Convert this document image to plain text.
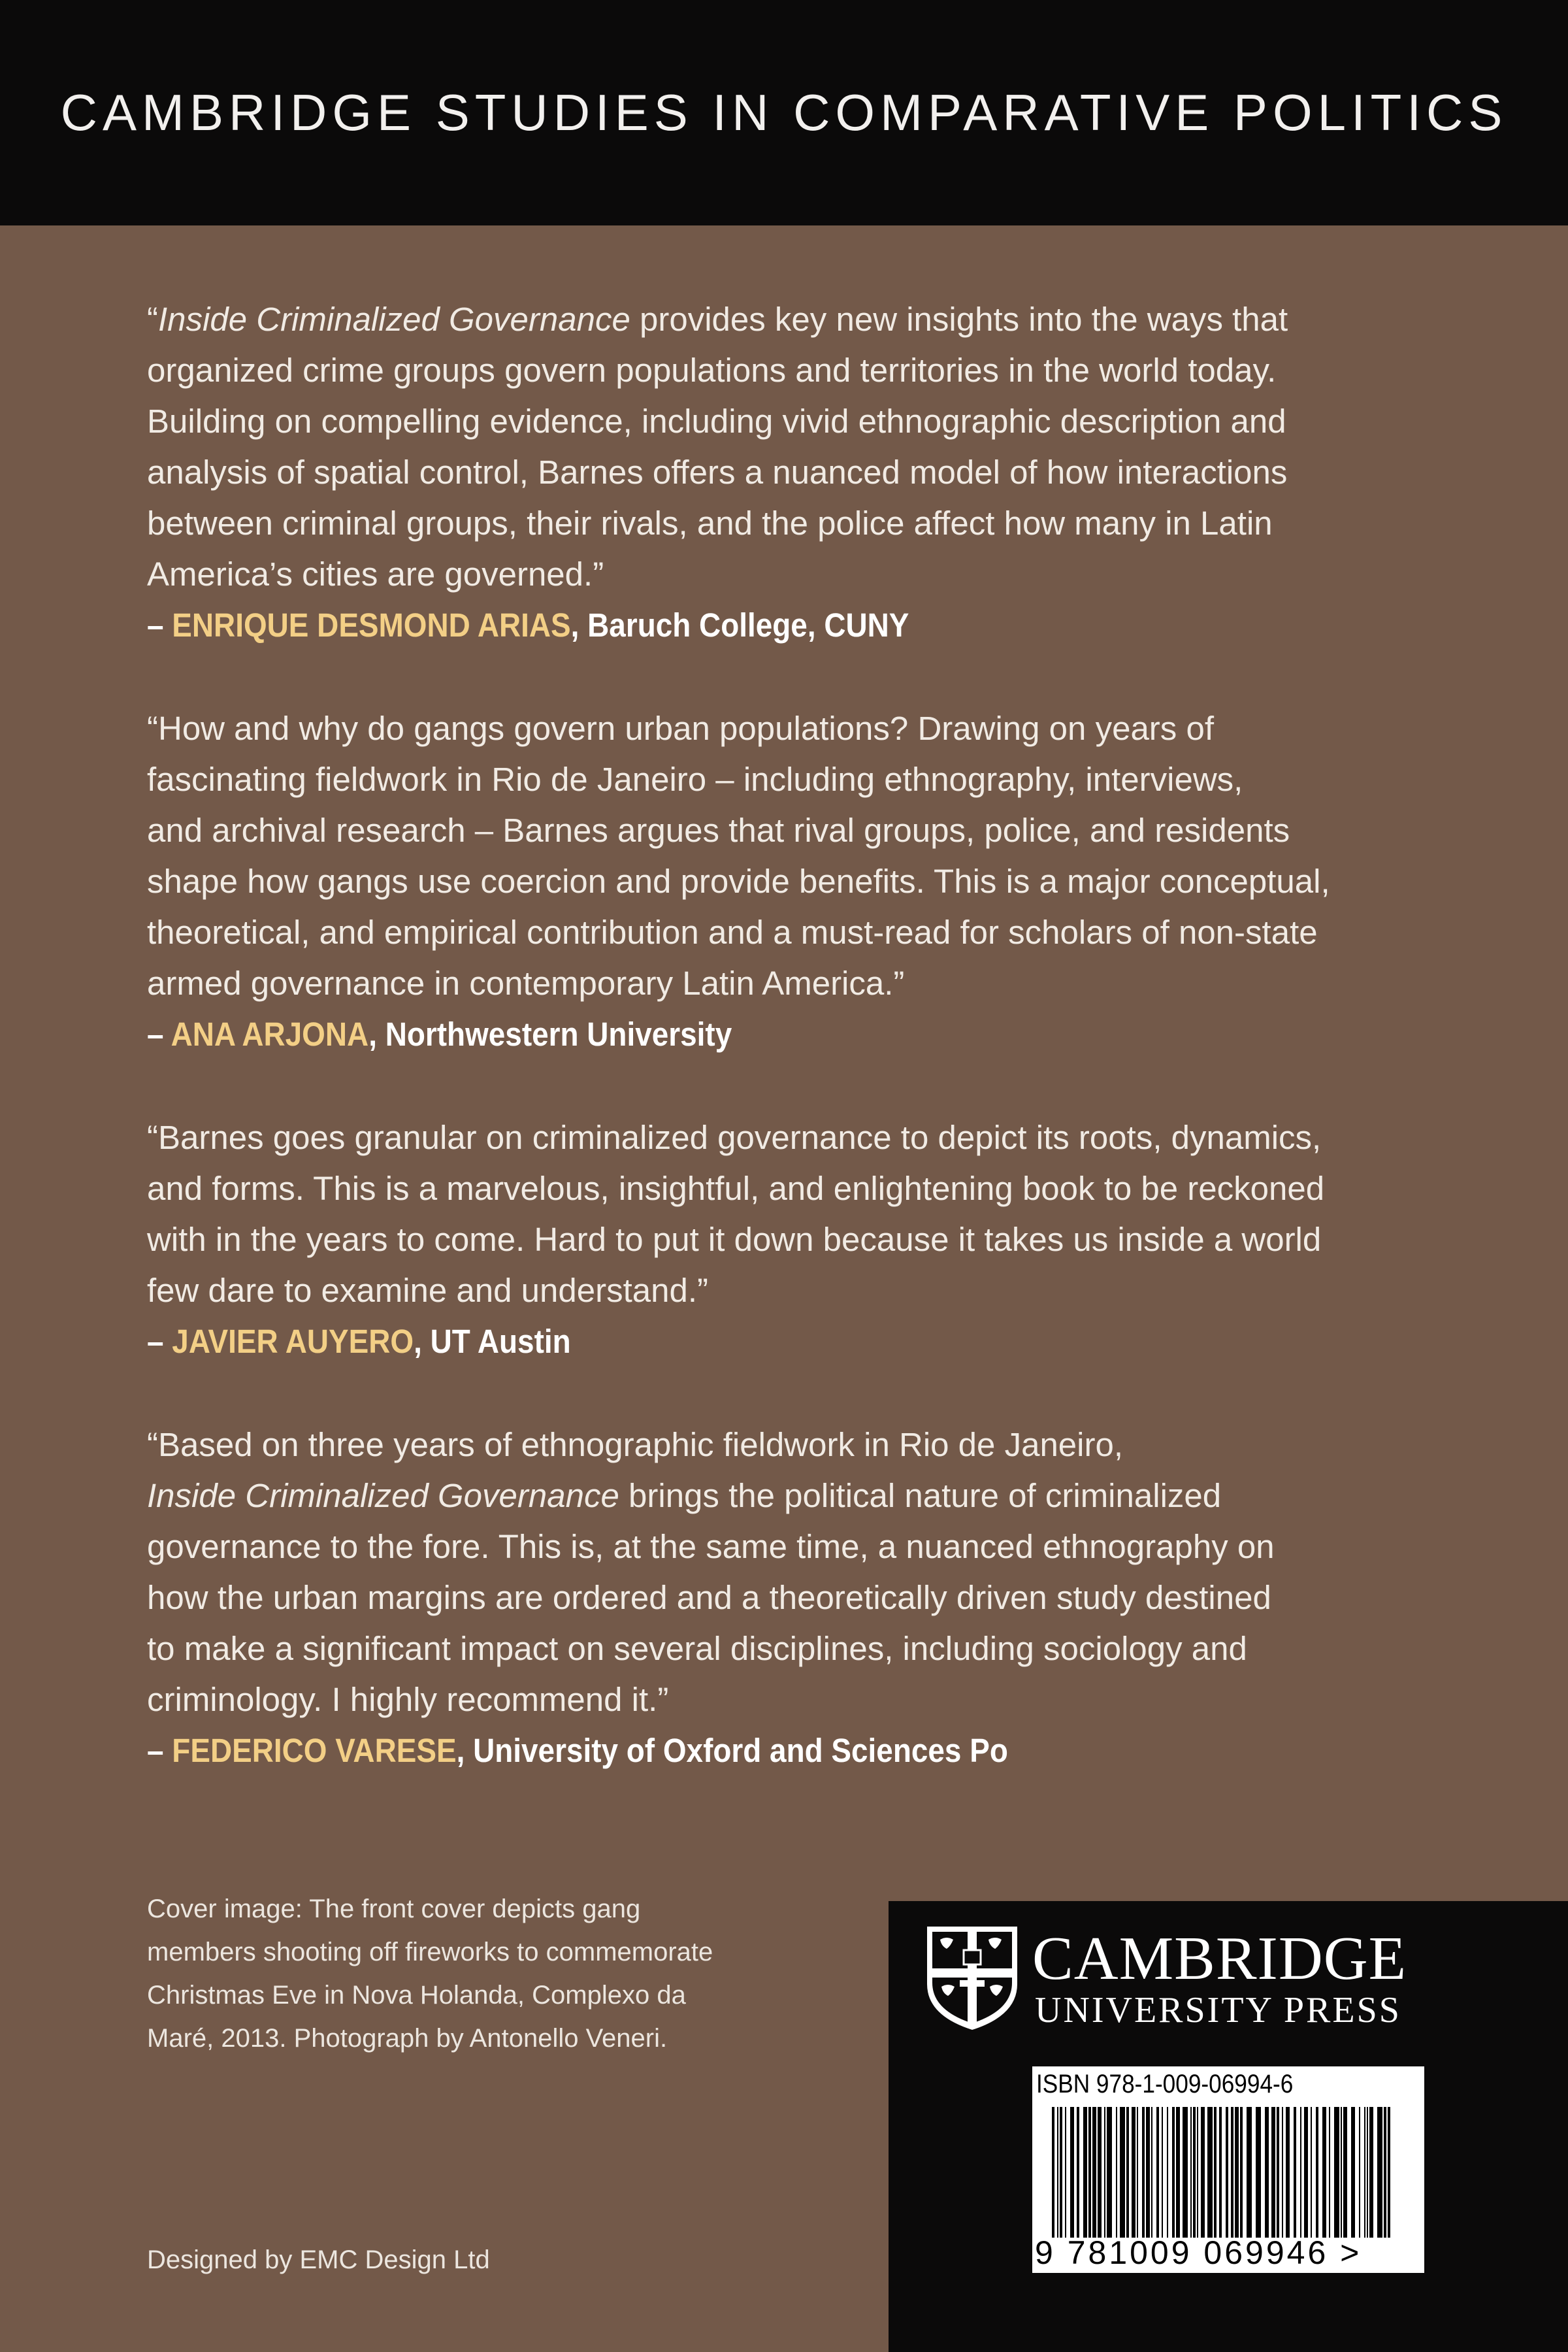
CAMBRIDGE STUDIES IN COMPARATIVE POLITICS

“Inside Criminalized Governance provides key new insights into the ways that
organized crime groups govern populations and territories in the world today.
Building on compelling evidence, including vivid ethnographic description and
analysis of spatial control, Barnes offers a nuanced model of how interactions
between criminal groups, their rivals, and the police affect how many in Latin
America’s cities are governed.”

– ENRIQUE DESMOND ARIAS, Baruch College, CUNY

“How and why do gangs govern urban populations? Drawing on years of
fascinating fieldwork in Rio de Janeiro – including ethnography, interviews,
and archival research – Barnes argues that rival groups, police, and residents
shape how gangs use coercion and provide benefits. This is a major conceptual,
theoretical, and empirical contribution and a must-read for scholars of non-state
armed governance in contemporary Latin America.”

– ANA ARJONA, Northwestern University

“Barnes goes granular on criminalized governance to depict its roots, dynamics,
and forms. This is a marvelous, insightful, and enlightening book to be reckoned
with in the years to come. Hard to put it down because it takes us inside a world
few dare to examine and understand.”

– JAVIER AUYERO, UT Austin

“Based on three years of ethnographic fieldwork in Rio de Janeiro,
Inside Criminalized Governance brings the political nature of criminalized
governance to the fore. This is, at the same time, a nuanced ethnography on
how the urban margins are ordered and a theoretically driven study destined
to make a significant impact on several disciplines, including sociology and
criminology. I highly recommend it.”

– FEDERICO VARESE, University of Oxford and Sciences Po

Cover image: The front cover depicts gang
members shooting off fireworks to commemorate
Christmas Eve in Nova Holanda, Complexo da
Maré, 2013. Photograph by Antonello Veneri.

Designed by EMC Design Ltd
CAMBRIDGE
UNIVERSITY PRESS
ISBN 978-1-009-06994-6
9 781009 069946 >
